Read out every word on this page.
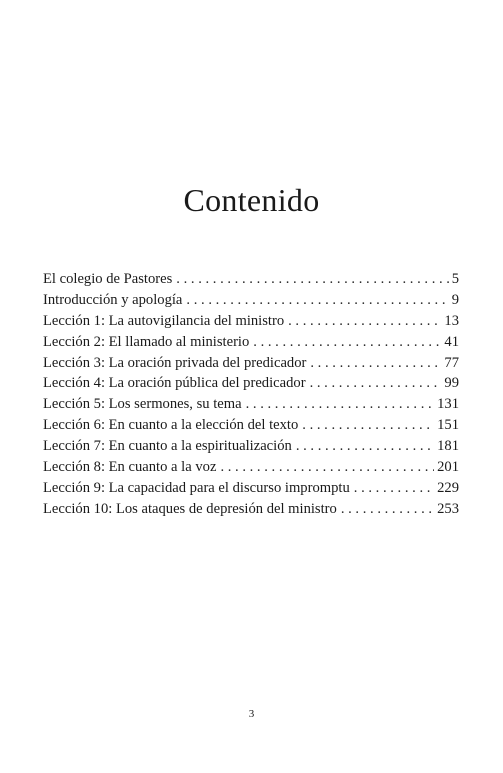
Contenido
El colegio de Pastores . . .	5
Introducción y apología . . .	9
Lección 1: La autovigilancia del ministro . . .	13
Lección 2: El llamado al ministerio . . .	41
Lección 3: La oración privada del predicador . . .	77
Lección 4: La oración pública del predicador . . .	99
Lección 5: Los sermones, su tema . . .	131
Lección 6: En cuanto a la elección del texto . . .	151
Lección 7: En cuanto a la espiritualización . . .	181
Lección 8: En cuanto a la voz . . .	201
Lección 9: La capacidad para el discurso impromptu . . .	229
Lección 10: Los ataques de depresión del ministro . . .	253

3
